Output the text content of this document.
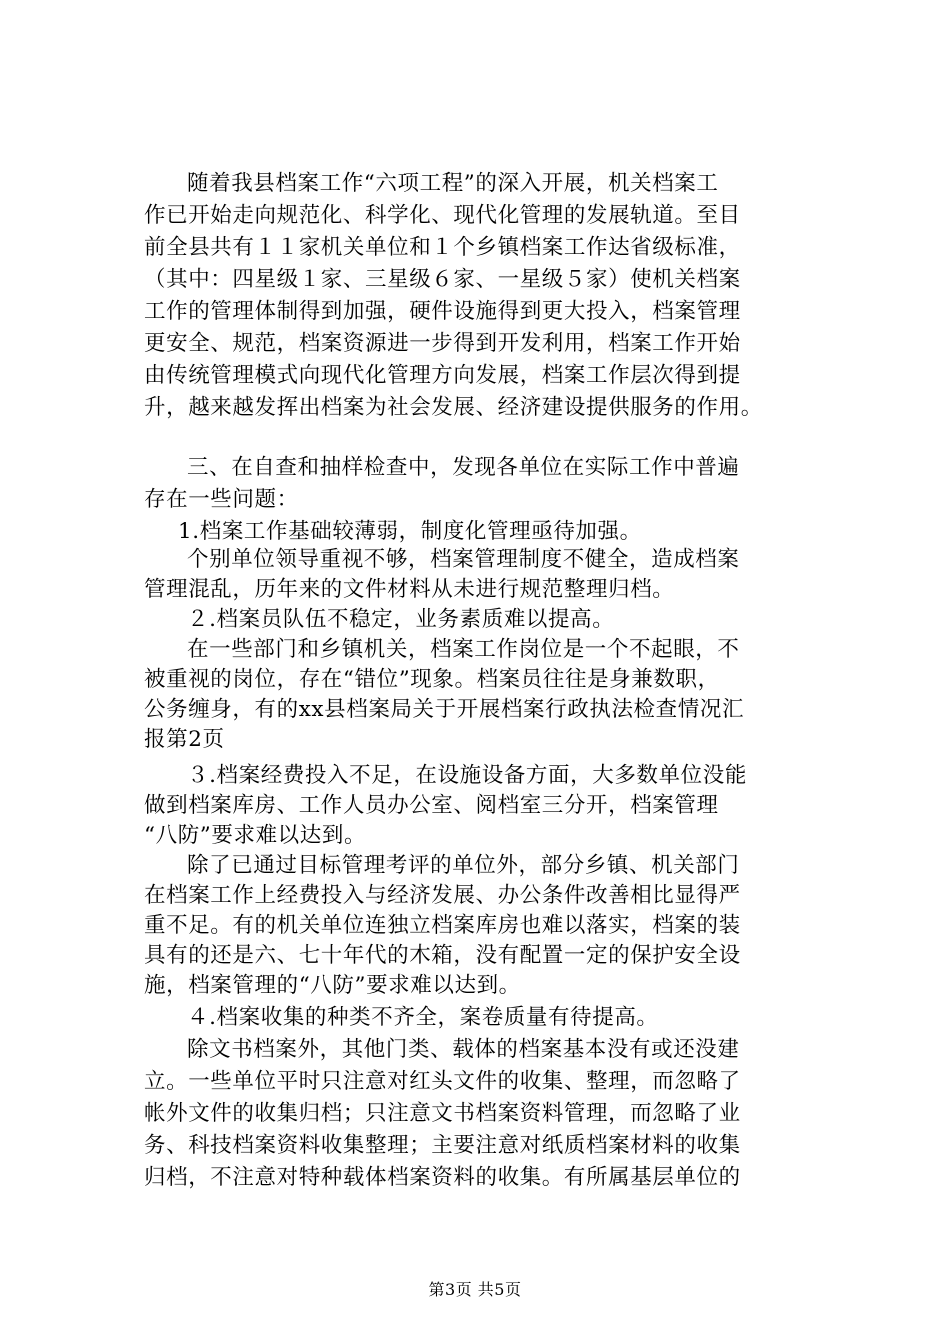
随着我县档案工作“六项工程”的深入开展，机关档案工
作已开始走向规范化、科学化、现代化管理的发展轨道。至目
前全县共有１１家机关单位和１个乡镇档案工作达省级标准，
（其中：四星级１家、三星级６家、一星级５家）使机关档案
工作的管理体制得到加强，硬件设施得到更大投入，档案管理
更安全、规范，档案资源进一步得到开发利用，档案工作开始
由传统管理模式向现代化管理方向发展，档案工作层次得到提
升，越来越发挥出档案为社会发展、经济建设提供服务的作用。
三、在自查和抽样检查中，发现各单位在实际工作中普遍
存在一些问题：
1.档案工作基础较薄弱，制度化管理亟待加强。
个别单位领导重视不够，档案管理制度不健全，造成档案
管理混乱，历年来的文件材料从未进行规范整理归档。
２.档案员队伍不稳定，业务素质难以提高。
在一些部门和乡镇机关，档案工作岗位是一个不起眼，不
被重视的岗位，存在“错位”现象。档案员往往是身兼数职，
公务缠身，有的xx县档案局关于开展档案行政执法检查情况汇
报第2页
３.档案经费投入不足，在设施设备方面，大多数单位没能
做到档案库房、工作人员办公室、阅档室三分开，档案管理
“八防”要求难以达到。
除了已通过目标管理考评的单位外，部分乡镇、机关部门
在档案工作上经费投入与经济发展、办公条件改善相比显得严
重不足。有的机关单位连独立档案库房也难以落实，档案的装
具有的还是六、七十年代的木箱，没有配置一定的保护安全设
施，档案管理的“八防”要求难以达到。
４.档案收集的种类不齐全，案卷质量有待提高。
除文书档案外，其他门类、载体的档案基本没有或还没建
立。一些单位平时只注意对红头文件的收集、整理，而忽略了
帐外文件的收集归档；只注意文书档案资料管理，而忽略了业
务、科技档案资料收集整理；主要注意对纸质档案材料的收集
归档，不注意对特种载体档案资料的收集。有所属基层单位的
第3页 共5页
